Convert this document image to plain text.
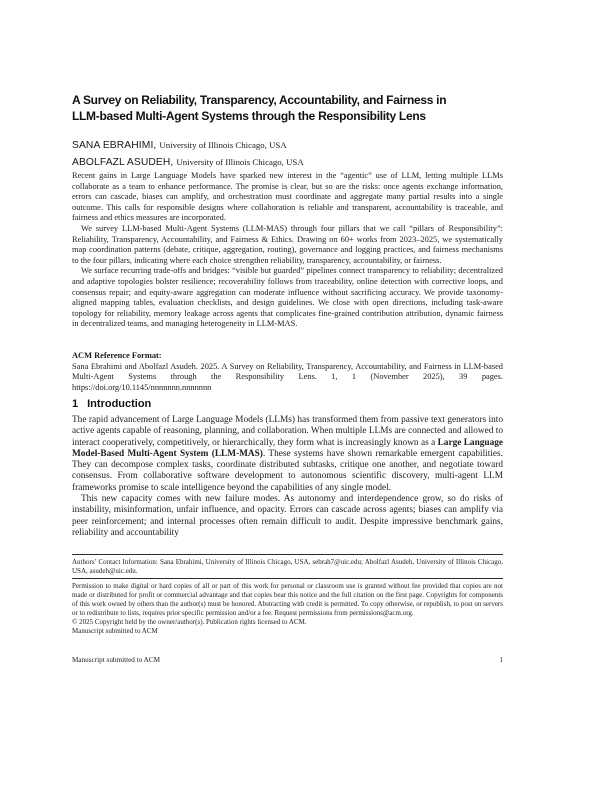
A Survey on Reliability, Transparency, Accountability, and Fairness in
LLM-based Multi-Agent Systems through the Responsibility Lens
SANA EBRAHIMI, University of Illinois Chicago, USA
ABOLFAZL ASUDEH, University of Illinois Chicago, USA

Recent gains in Large Language Models have sparked new interest in the “agentic” use of LLM, letting multiple LLMs collaborate as a team to enhance performance. The promise is clear, but so are the risks: once agents exchange information, errors can cascade, biases can amplify, and orchestration must coordinate and aggregate many partial results into a single outcome. This calls for responsible designs where collaboration is reliable and transparent, accountability is traceable, and fairness and ethics measures are incorporated.

We survey LLM-based Multi-Agent Systems (LLM-MAS) through four pillars that we call “pillars of Responsibility”: Reliability, Transparency, Accountability, and Fairness & Ethics. Drawing on 60+ works from 2023–2025, we systematically map coordination patterns (debate, critique, aggregation, routing), governance and logging practices, and fairness mechanisms to the four pillars, indicating where each choice strengthen reliability, transparency, accountability, or fairness.

We surface recurring trade-offs and bridges: “visible but guarded” pipelines connect transparency to reliability; decentralized and adaptive topologies bolster resilience; recoverability follows from traceability, online detection with corrective loops, and consensus repair; and equity-aware aggregation can moderate influence without sacrificing accuracy. We provide taxonomy-aligned mapping tables, evaluation checklists, and design guidelines. We close with open directions, including task-aware topology for reliability, memory leakage across agents that complicates fine-grained contribution attribution, dynamic fairness in decentralized teams, and managing heterogeneity in LLM-MAS.

ACM Reference Format:

Sana Ebrahimi and Abolfazl Asudeh. 2025. A Survey on Reliability, Transparency, Accountability, and Fairness in LLM-based Multi-Agent Systems through the Responsibility Lens. 1, 1 (November 2025), 39 pages. https://doi.org/10.1145/nnnnnnn.nnnnnnn

1 Introduction

The rapid advancement of Large Language Models (LLMs) has transformed them from passive text generators into active agents capable of reasoning, planning, and collaboration. When multiple LLMs are connected and allowed to interact cooperatively, competitively, or hierarchically, they form what is increasingly known as a Large Language Model-Based Multi-Agent System (LLM-MAS). These systems have shown remarkable emergent capabilities. They can decompose complex tasks, coordinate distributed subtasks, critique one another, and negotiate toward consensus. From collaborative software development to autonomous scientific discovery, multi-agent LLM frameworks promise to scale intelligence beyond the capabilities of any single model.

This new capacity comes with new failure modes. As autonomy and interdependence grow, so do risks of instability, misinformation, unfair influence, and opacity. Errors can cascade across agents; biases can amplify via peer reinforcement; and internal processes often remain difficult to audit. Despite impressive benchmark gains, reliability and accountability

Authors’ Contact Information: Sana Ebrahimi, University of Illinois Chicago, USA, sebrah7@uic.edu; Abolfazl Asudeh, University of Illinois Chicago, USA, asudeh@uic.edu.

Permission to make digital or hard copies of all or part of this work for personal or classroom use is granted without fee provided that copies are not made or distributed for profit or commercial advantage and that copies bear this notice and the full citation on the first page. Copyrights for components of this work owned by others than the author(s) must be honored. Abstracting with credit is permitted. To copy otherwise, or republish, to post on servers or to redistribute to lists, requires prior specific permission and/or a fee. Request permissions from permissions@acm.org.

© 2025 Copyright held by the owner/author(s). Publication rights licensed to ACM.

Manuscript submitted to ACM

Manuscript submitted to ACM	1
